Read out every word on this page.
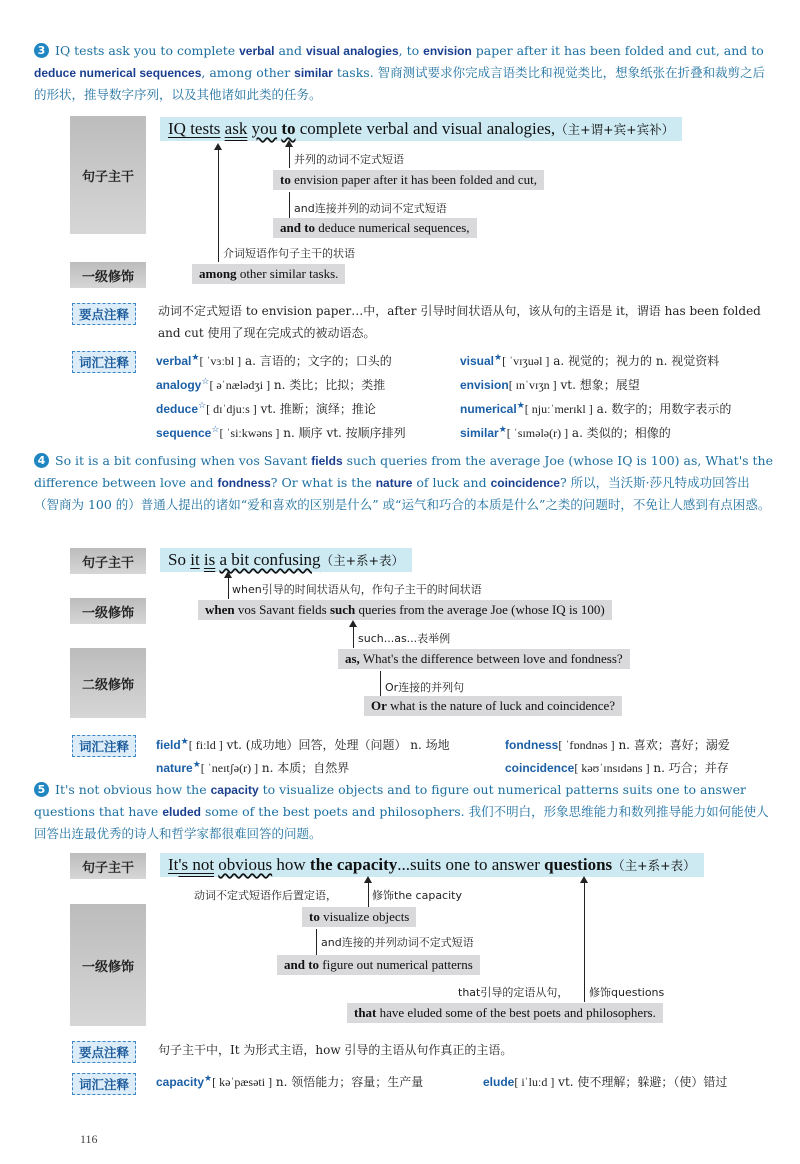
3 IQ tests ask you to complete verbal and visual analogies, to envision paper after it has been folded and cut, and to deduce numerical sequences, among other similar tasks. 智商测试要求你完成言语类比和视觉类比，想象纸张在折叠和裁剪之后的形状，推导数字序列，以及其他诸如此类的任务。
句子主干
一级修饰
IQ tests ask you to complete verbal and visual analogies,（主+谓+宾+宾补）
并列的动词不定式短语
to envision paper after it has been folded and cut,
and连接并列的动词不定式短语
and to deduce numerical sequences,
介词短语作句子主干的状语
among other similar tasks.
要点注释	动词不定式短语 to envision paper…中，after 引导时间状语从句，该从句的主语是 it，谓语 has been folded and cut 使用了现在完成式的被动语态。
词汇注释	verbal★[ ˈvɜːbl ] a. 言语的；文字的；口头的	visual★[ ˈvɪʒuəl ] a. 视觉的；视力的 n. 视觉资料
analogy☆[ əˈnælədʒi ] n. 类比；比拟；类推	envision[ ɪnˈvɪʒn ] vt. 想象；展望
deduce☆[ dɪˈdjuːs ] vt. 推断；演绎；推论	numerical★[ njuːˈmerɪkl ] a. 数字的；用数字表示的
sequence☆[ ˈsiːkwəns ] n. 顺序 vt. 按顺序排列	similar★[ ˈsɪmələ(r) ] a. 类似的；相像的
4 So it is a bit confusing when vos Savant fields such queries from the average Joe (whose IQ is 100) as, What's the difference between love and fondness? Or what is the nature of luck and coincidence? 所以，当沃斯·莎凡特成功回答出（智商为 100 的）普通人提出的诸如“爱和喜欢的区别是什么” 或“运气和巧合的本质是什么”之类的问题时，不免让人感到有点困惑。
句子主干
一级修饰
二级修饰
So it is a bit confusing（主+系+表）
when引导的时间状语从句，作句子主干的时间状语
when vos Savant fields such queries from the average Joe (whose IQ is 100)
such...as...表举例
as, What's the difference between love and fondness?
Or连接的并列句
Or what is the nature of luck and coincidence?
词汇注释	field★[ fiːld ] vt. (成功地）回答，处理（问题） n. 场地	fondness[ ˈfɒndnəs ] n. 喜欢；喜好；溺爱
nature★[ ˈneɪtʃə(r) ] n. 本质；自然界	coincidence[ kəʊˈɪnsɪdəns ] n. 巧合；并存
5 It's not obvious how the capacity to visualize objects and to figure out numerical patterns suits one to answer questions that have eluded some of the best poets and philosophers. 我们不明白，形象思维能力和数列推导能力如何能使人回答出连最优秀的诗人和哲学家都很难回答的问题。
句子主干
一级修饰
It's not obvious how the capacity...suits one to answer questions（主+系+表）
动词不定式短语作后置定语，	修饰the capacity
to visualize objects
and连接的并列动词不定式短语
and to figure out numerical patterns
that引导的定语从句， 修饰questions
that have eluded some of the best poets and philosophers.
要点注释	句子主干中，It 为形式主语，how 引导的主语从句作真正的主语。
词汇注释	capacity★[ kəˈpæsəti ] n. 领悟能力；容量；生产量	elude[ iˈluːd ] vt. 使不理解；躲避；（使）错过
116
